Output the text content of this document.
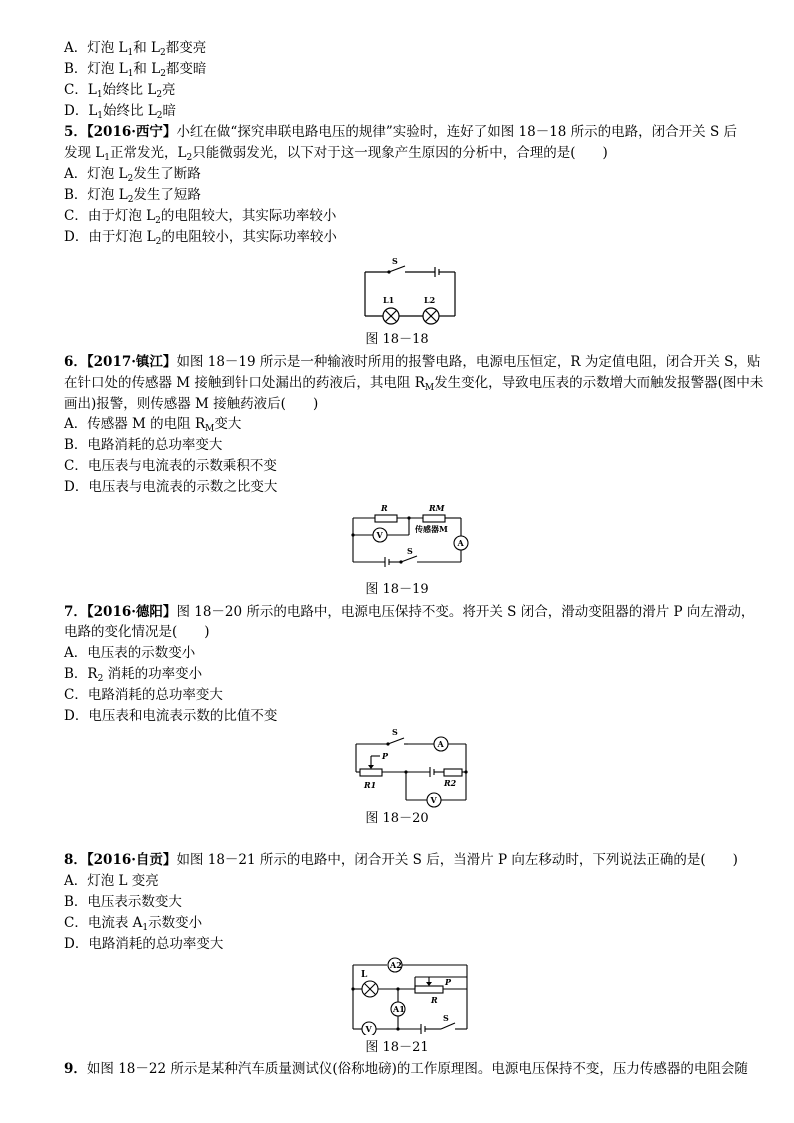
A．灯泡 $L_1$和 $L_2$都变亮
B．灯泡 $L_1$和 $L_2$都变暗
C．$L_1$始终比 $L_2$亮
D．$L_1$始终比 $L_2$暗
5．【2016·西宁】小红在做“探究串联电路电压的规律”实验时，连好了如图 18－18 所示的电路，闭合开关 S 后
发现 $L_1$正常发光，$L_2$只能微弱发光，以下对于这一现象产生原因的分析中，合理的是(　　)
A．灯泡 $L_2$发生了断路
B．灯泡 $L_2$发生了短路
C．由于灯泡 $L_2$的电阻较大，其实际功率较小
D．由于灯泡 $L_2$的电阻较小，其实际功率较小
S
L1	L2
图 18－18
6．【2017·镇江】如图 18－19 所示是一种输液时所用的报警电路，电源电压恒定，R 为定值电阻，闭合开关 S，贴
在针口处的传感器 M 接触到针口处漏出的药液后，其电阻 $R_M$发生变化，导致电压表的示数增大而触发报警器(图中未
画出)报警，则传感器 M 接触药液后(　　)
A．传感器 M 的电阻 $R_M$变大
B．电路消耗的总功率变大
C．电压表与电流表的示数乘积不变
D．电压表与电流表的示数之比变大
R	RM
传感器M
V
A
S
图 18－19
7．【2016·德阳】图 18－20 所示的电路中，电源电压保持不变。将开关 S 闭合，滑动变阻器的滑片 P 向左滑动，
电路的变化情况是(　　)
A．电压表的示数变小
B．$R_2$ 消耗的功率变小
C．电路消耗的总功率变大
D．电压表和电流表示数的比值不变
S
A
P
R1	R2
V
图 18－20
8．【2016·自贡】如图 18－21 所示的电路中，闭合开关 S 后，当滑片 P 向左移动时，下列说法正确的是(　　)
A．灯泡 L 变亮
B．电压表示数变大
C．电流表 $A_1$示数变小
D．电路消耗的总功率变大
L
A2
A1
P
R
V
S
图 18－21
9．如图 18－22 所示是某种汽车质量测试仪(俗称地磅)的工作原理图。电源电压保持不变，压力传感器的电阻会随
